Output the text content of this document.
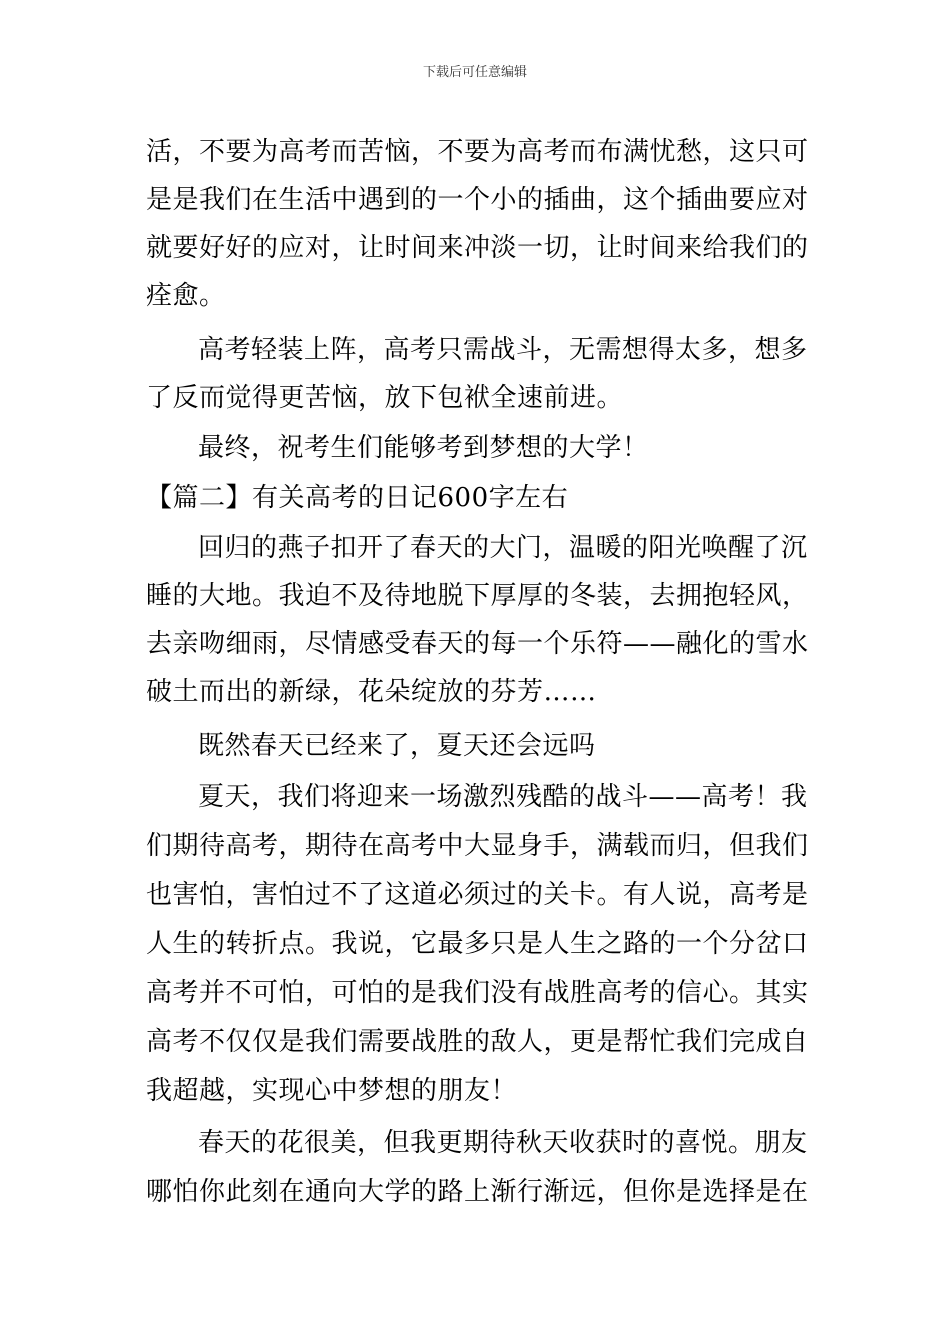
下载后可任意编辑
活，不要为高考而苦恼，不要为高考而布满忧愁，这只可
是是我们在生活中遇到的一个小的插曲，这个插曲要应对
就要好好的应对，让时间来冲淡一切，让时间来给我们的
痊愈。
高考轻装上阵，高考只需战斗，无需想得太多，想多
了反而觉得更苦恼，放下包袱全速前进。
最终，祝考生们能够考到梦想的大学！
【篇二】有关高考的日记600字左右
回归的燕子扣开了春天的大门，温暖的阳光唤醒了沉
睡的大地。我迫不及待地脱下厚厚的冬装，去拥抱轻风，
去亲吻细雨，尽情感受春天的每一个乐符——融化的雪水
破土而出的新绿，花朵绽放的芬芳……
既然春天已经来了，夏天还会远吗
夏天，我们将迎来一场激烈残酷的战斗——高考！我
们期待高考，期待在高考中大显身手，满载而归，但我们
也害怕，害怕过不了这道必须过的关卡。有人说，高考是
人生的转折点。我说，它最多只是人生之路的一个分岔口
高考并不可怕，可怕的是我们没有战胜高考的信心。其实
高考不仅仅是我们需要战胜的敌人，更是帮忙我们完成自
我超越，实现心中梦想的朋友！
春天的花很美，但我更期待秋天收获时的喜悦。朋友
哪怕你此刻在通向大学的路上渐行渐远，但你是选择是在
